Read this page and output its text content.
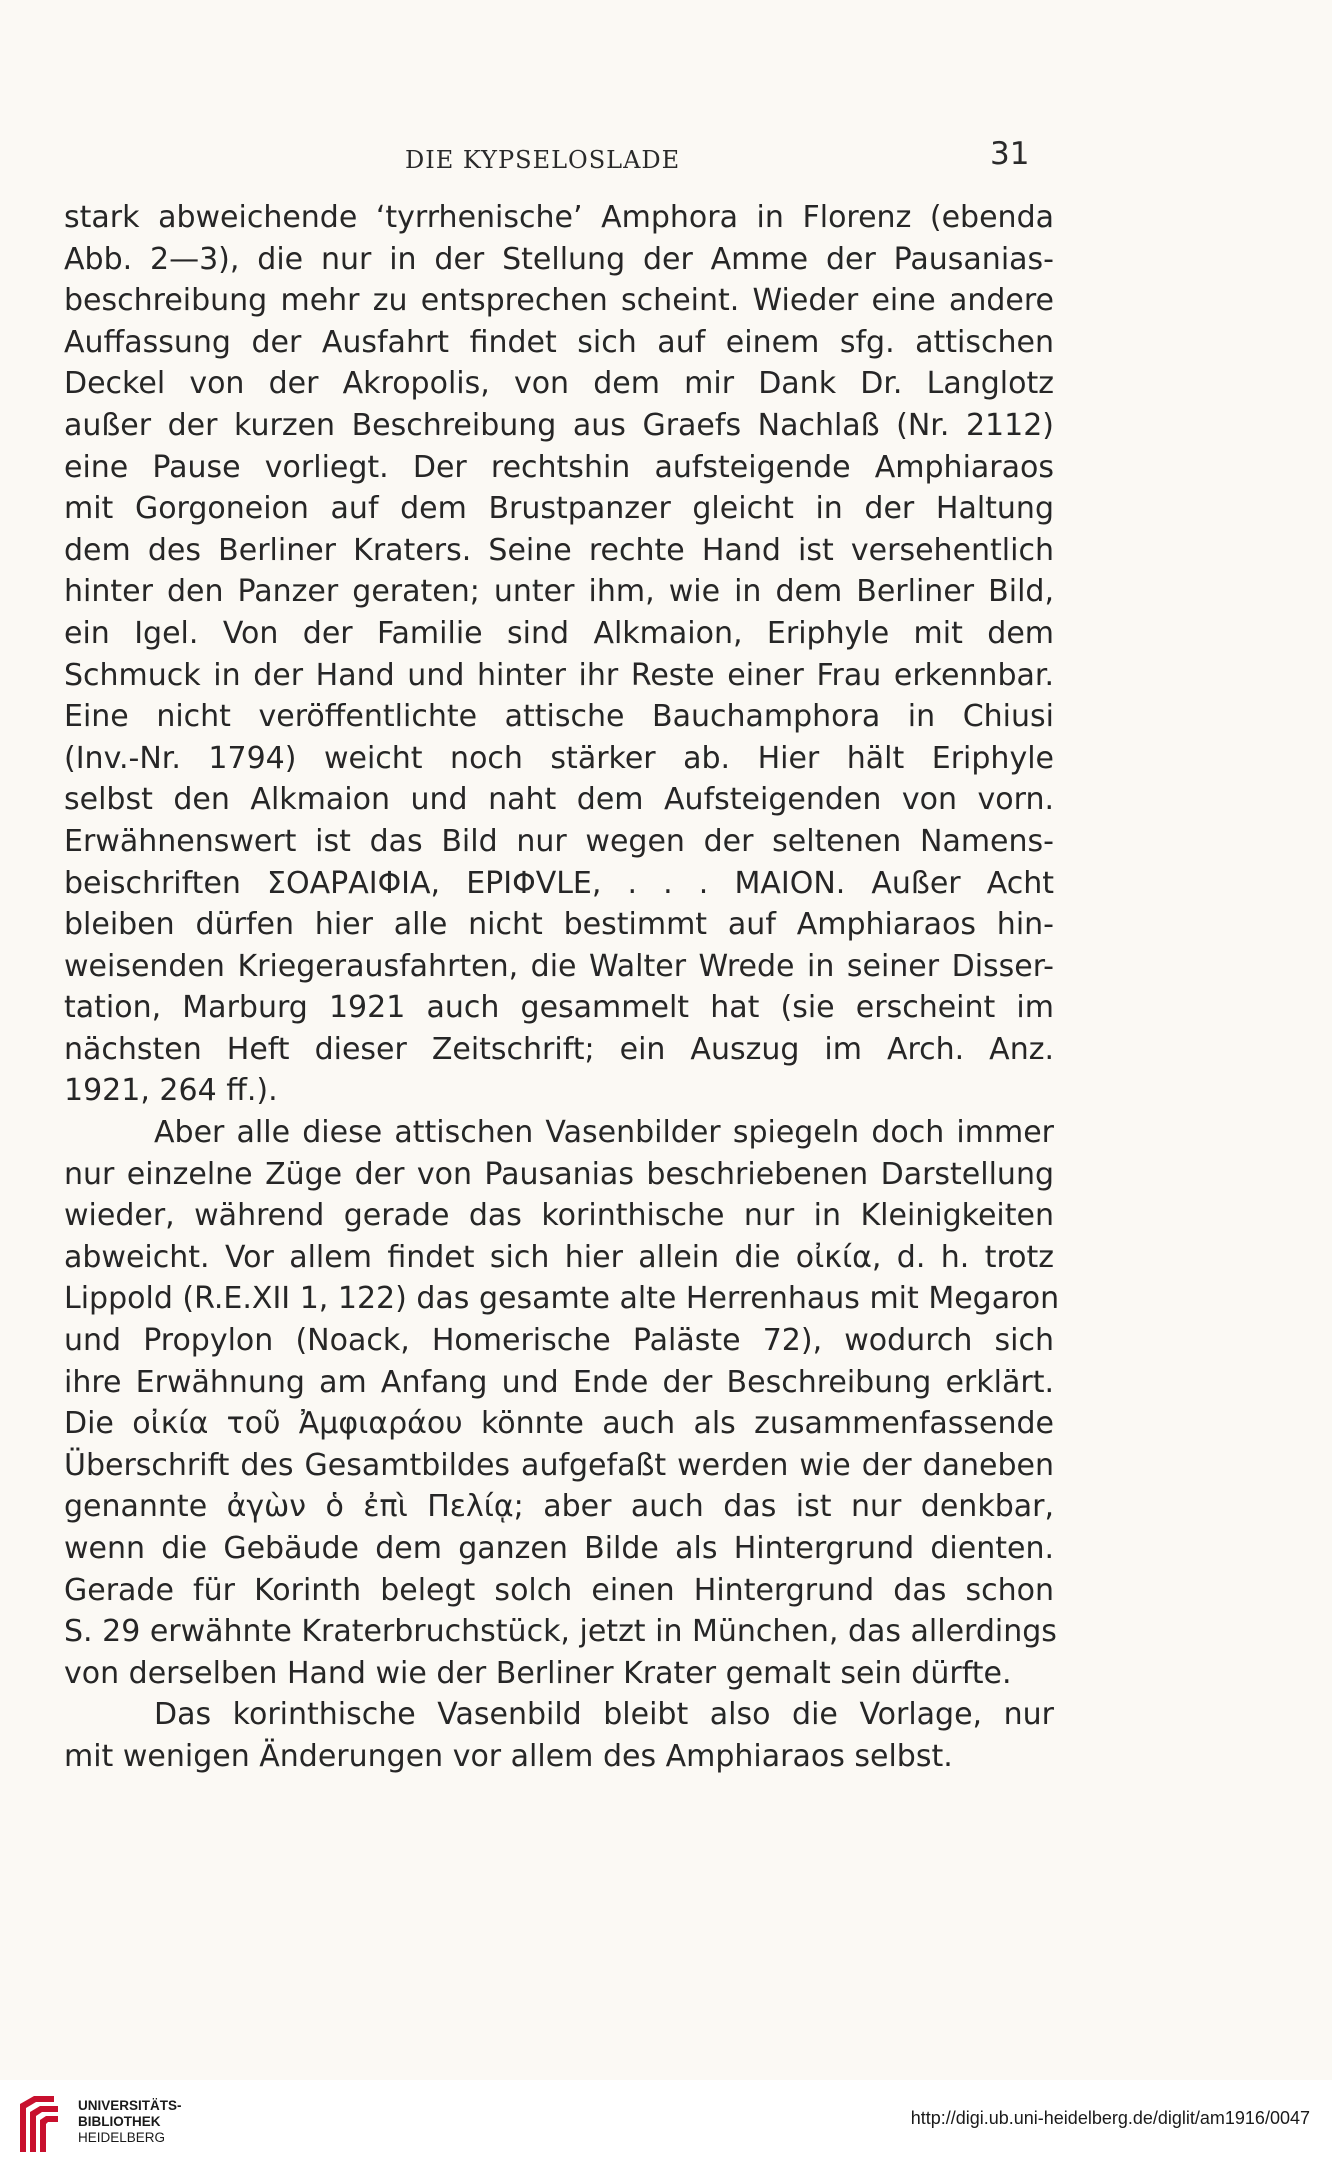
DIE KYPSELOSLADE	31
stark abweichende ‘tyrrhenische’ Amphora in Florenz (ebenda
Abb. 2—3), die nur in der Stellung der Amme der Pausanias-
beschreibung mehr zu entsprechen scheint. Wieder eine andere
Auffassung der Ausfahrt findet sich auf einem sfg. attischen
Deckel von der Akropolis, von dem mir Dank Dr. Langlotz
außer der kurzen Beschreibung aus Graefs Nachlaß (Nr. 2112)
eine Pause vorliegt. Der rechtshin aufsteigende Amphiaraos
mit Gorgoneion auf dem Brustpanzer gleicht in der Haltung
dem des Berliner Kraters. Seine rechte Hand ist versehentlich
hinter den Panzer geraten; unter ihm, wie in dem Berliner Bild,
ein Igel. Von der Familie sind Alkmaion, Eriphyle mit dem
Schmuck in der Hand und hinter ihr Reste einer Frau erkennbar.
Eine nicht veröffentlichte attische Bauchamphora in Chiusi
(Inv.-Nr. 1794) weicht noch stärker ab. Hier hält Eriphyle
selbst den Alkmaion und naht dem Aufsteigenden von vorn.
Erwähnenswert ist das Bild nur wegen der seltenen Namens-
beischriften ΣΟΑΡΑΙΦΙΑ, ΕΡΙΦVLΕ, . . . ΜΑΙΟΝ. Außer Acht
bleiben dürfen hier alle nicht bestimmt auf Amphiaraos hin-
weisenden Kriegerausfahrten, die Walter Wrede in seiner Disser-
tation, Marburg 1921 auch gesammelt hat (sie erscheint im
nächsten Heft dieser Zeitschrift; ein Auszug im Arch. Anz.
1921, 264 ff.).
Aber alle diese attischen Vasenbilder spiegeln doch immer
nur einzelne Züge der von Pausanias beschriebenen Darstellung
wieder, während gerade das korinthische nur in Kleinigkeiten
abweicht. Vor allem findet sich hier allein die οἰκία, d. h. trotz
Lippold (R.E.XII 1, 122) das gesamte alte Herrenhaus mit Megaron
und Propylon (Noack, Homerische Paläste 72), wodurch sich
ihre Erwähnung am Anfang und Ende der Beschreibung erklärt.
Die οἰκία τοῦ Ἀμφιαράου könnte auch als zusammenfassende
Überschrift des Gesamtbildes aufgefaßt werden wie der daneben
genannte ἀγὼν ὁ ἐπὶ Πελίᾳ; aber auch das ist nur denkbar,
wenn die Gebäude dem ganzen Bilde als Hintergrund dienten.
Gerade für Korinth belegt solch einen Hintergrund das schon
S. 29 erwähnte Kraterbruchstück, jetzt in München, das allerdings
von derselben Hand wie der Berliner Krater gemalt sein dürfte.
Das korinthische Vasenbild bleibt also die Vorlage, nur
mit wenigen Änderungen vor allem des Amphiaraos selbst.
UNIVERSITÄTS-
BIBLIOTHEK
HEIDELBERG
http://digi.ub.uni-heidelberg.de/diglit/am1916/0047
